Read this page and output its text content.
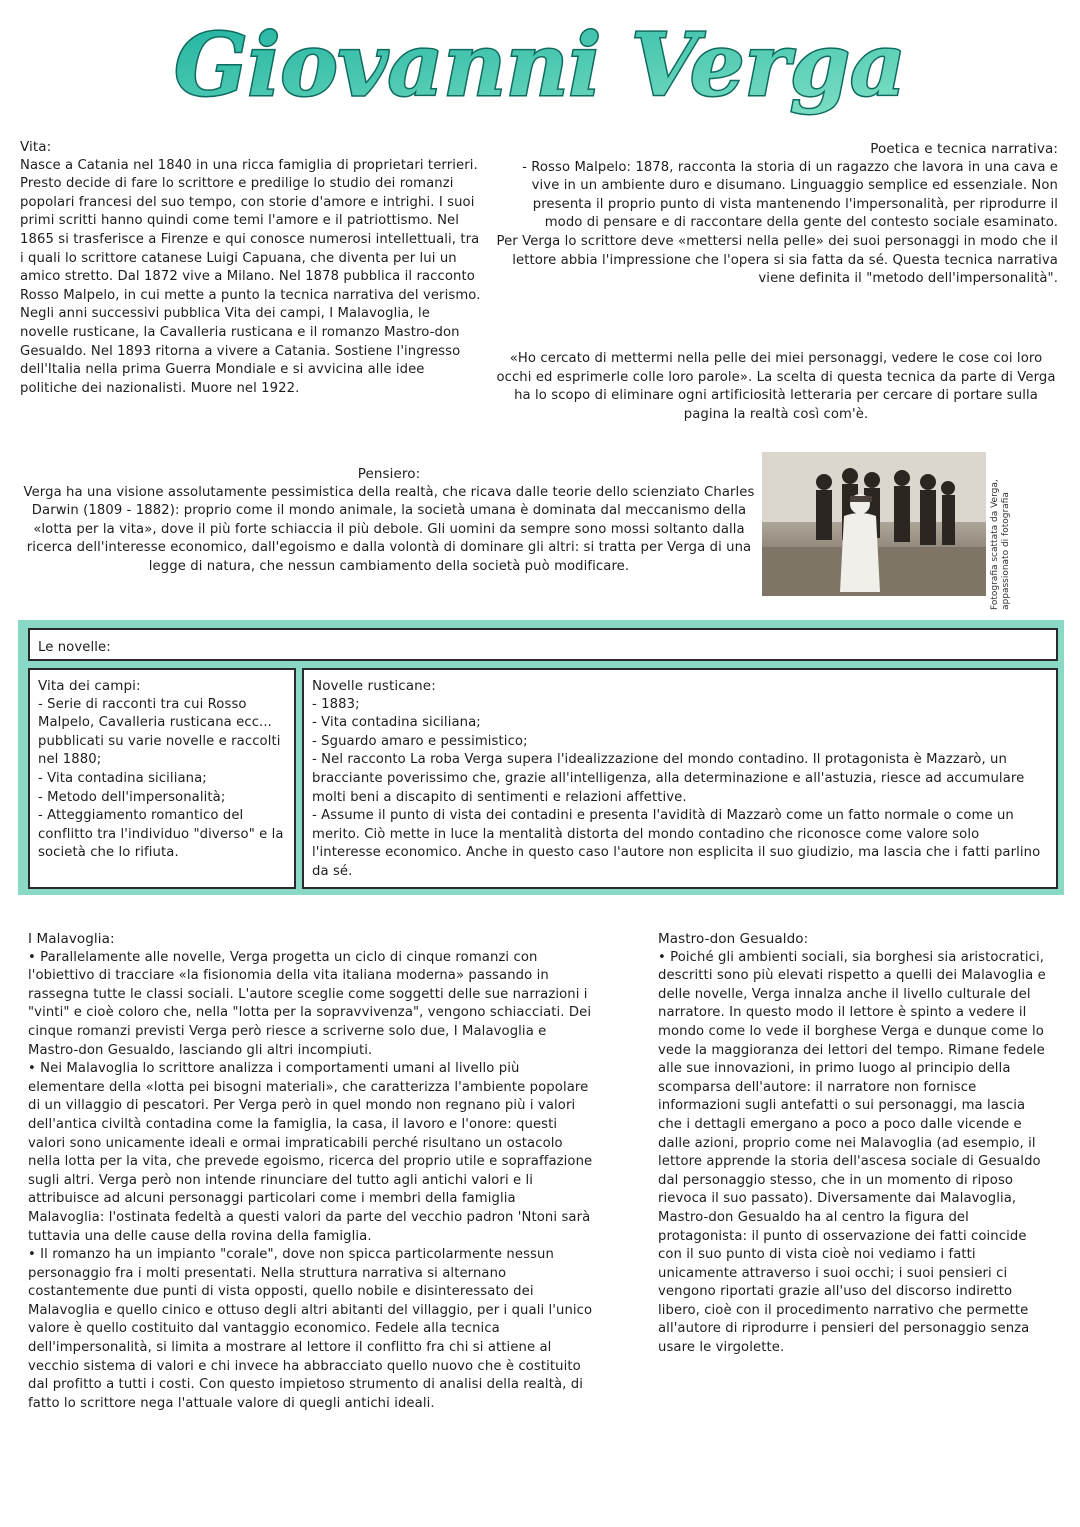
Giovanni Verga
Vita:

Nasce a Catania nel 1840 in una ricca famiglia di proprietari terrieri. Presto decide di fare lo scrittore e predilige lo studio dei romanzi popolari francesi del suo tempo, con storie d'amore e intrighi. I suoi primi scritti hanno quindi come temi l'amore e il patriottismo. Nel 1865 si trasferisce a Firenze e qui conosce numerosi intellettuali, tra i quali lo scrittore catanese Luigi Capuana, che diventa per lui un amico stretto. Dal 1872 vive a Milano. Nel 1878 pubblica il racconto Rosso Malpelo, in cui mette a punto la tecnica narrativa del verismo. Negli anni successivi pubblica Vita dei campi, I Malavoglia, le novelle rusticane, la Cavalleria rusticana e il romanzo Mastro-don Gesualdo. Nel 1893 ritorna a vivere a Catania. Sostiene l'ingresso dell'Italia nella prima Guerra Mondiale e si avvicina alle idee politiche dei nazionalisti. Muore nel 1922.

Poetica e tecnica narrativa:

- Rosso Malpelo: 1878, racconta la storia di un ragazzo che lavora in una cava e vive in un ambiente duro e disumano. Linguaggio semplice ed essenziale. Non presenta il proprio punto di vista mantenendo l'impersonalità, per riprodurre il modo di pensare e di raccontare della gente del contesto sociale esaminato.

Per Verga lo scrittore deve «mettersi nella pelle» dei suoi personaggi in modo che il lettore abbia l'impressione che l'opera si sia fatta da sé. Questa tecnica narrativa viene definita il "metodo dell'impersonalità".

«Ho cercato di mettermi nella pelle dei miei personaggi, vedere le cose coi loro occhi ed esprimerle colle loro parole». La scelta di questa tecnica da parte di Verga ha lo scopo di eliminare ogni artificiosità letteraria per cercare di portare sulla pagina la realtà così com'è.

Pensiero:

Verga ha una visione assolutamente pessimistica della realtà, che ricava dalle teorie dello scienziato Charles Darwin (1809 - 1882): proprio come il mondo animale, la società umana è dominata dal meccanismo della «lotta per la vita», dove il più forte schiaccia il più debole. Gli uomini da sempre sono mossi soltanto dalla ricerca dell'interesse economico, dall'egoismo e dalla volontà di dominare gli altri: si tratta per Verga di una legge di natura, che nessun cambiamento della società può modificare.	Fotografia scattata da Verga, appassionato di fotografia
Le novelle:
Vita dei campi:
- Serie di racconti tra cui Rosso Malpelo, Cavalleria rusticana ecc... pubblicati su varie novelle e raccolti nel 1880;
- Vita contadina siciliana;
- Metodo dell'impersonalità;
- Atteggiamento romantico del conflitto tra l'individuo "diverso" e la società che lo rifiuta.
Novelle rusticane:
- 1883;
- Vita contadina siciliana;
- Sguardo amaro e pessimistico;
- Nel racconto La roba Verga supera l'idealizzazione del mondo contadino. Il protagonista è Mazzarò, un bracciante poverissimo che, grazie all'intelligenza, alla determinazione e all'astuzia, riesce ad accumulare molti beni a discapito di sentimenti e relazioni affettive.
- Assume il punto di vista dei contadini e presenta l'avidità di Mazzarò come un fatto normale o come un merito. Ciò mette in luce la mentalità distorta del mondo contadino che riconosce come valore solo l'interesse economico. Anche in questo caso l'autore non esplicita il suo giudizio, ma lascia che i fatti parlino da sé.
I Malavoglia:

• Parallelamente alle novelle, Verga progetta un ciclo di cinque romanzi con l'obiettivo di tracciare «la fisionomia della vita italiana moderna» passando in rassegna tutte le classi sociali. L'autore sceglie come soggetti delle sue narrazioni i "vinti" e cioè coloro che, nella "lotta per la sopravvivenza", vengono schiacciati. Dei cinque romanzi previsti Verga però riesce a scriverne solo due, I Malavoglia e Mastro-don Gesualdo, lasciando gli altri incompiuti.

• Nei Malavoglia lo scrittore analizza i comportamenti umani al livello più elementare della «lotta pei bisogni materiali», che caratterizza l'ambiente popolare di un villaggio di pescatori. Per Verga però in quel mondo non regnano più i valori dell'antica civiltà contadina come la famiglia, la casa, il lavoro e l'onore: questi valori sono unicamente ideali e ormai impraticabili perché risultano un ostacolo nella lotta per la vita, che prevede egoismo, ricerca del proprio utile e sopraffazione sugli altri. Verga però non intende rinunciare del tutto agli antichi valori e li attribuisce ad alcuni personaggi particolari come i membri della famiglia Malavoglia: l'ostinata fedeltà a questi valori da parte del vecchio padron 'Ntoni sarà tuttavia una delle cause della rovina della famiglia.

• Il romanzo ha un impianto "corale", dove non spicca particolarmente nessun personaggio fra i molti presentati. Nella struttura narrativa si alternano costantemente due punti di vista opposti, quello nobile e disinteressato dei Malavoglia e quello cinico e ottuso degli altri abitanti del villaggio, per i quali l'unico valore è quello costituito dal vantaggio economico. Fedele alla tecnica dell'impersonalità, si limita a mostrare al lettore il conflitto fra chi si attiene al vecchio sistema di valori e chi invece ha abbracciato quello nuovo che è costituito dal profitto a tutti i costi. Con questo impietoso strumento di analisi della realtà, di fatto lo scrittore nega l'attuale valore di quegli antichi ideali.

Mastro-don Gesualdo:

• Poiché gli ambienti sociali, sia borghesi sia aristocratici, descritti sono più elevati rispetto a quelli dei Malavoglia e delle novelle, Verga innalza anche il livello culturale del narratore. In questo modo il lettore è spinto a vedere il mondo come lo vede il borghese Verga e dunque come lo vede la maggioranza dei lettori del tempo. Rimane fedele alle sue innovazioni, in primo luogo al principio della scomparsa dell'autore: il narratore non fornisce informazioni sugli antefatti o sui personaggi, ma lascia che i dettagli emergano a poco a poco dalle vicende e dalle azioni, proprio come nei Malavoglia (ad esempio, il lettore apprende la storia dell'ascesa sociale di Gesualdo dal personaggio stesso, che in un momento di riposo rievoca il suo passato). Diversamente dai Malavoglia, Mastro-don Gesualdo ha al centro la figura del protagonista: il punto di osservazione dei fatti coincide con il suo punto di vista cioè noi vediamo i fatti unicamente attraverso i suoi occhi; i suoi pensieri ci vengono riportati grazie all'uso del discorso indiretto libero, cioè con il procedimento narrativo che permette all'autore di riprodurre i pensieri del personaggio senza usare le virgolette.
